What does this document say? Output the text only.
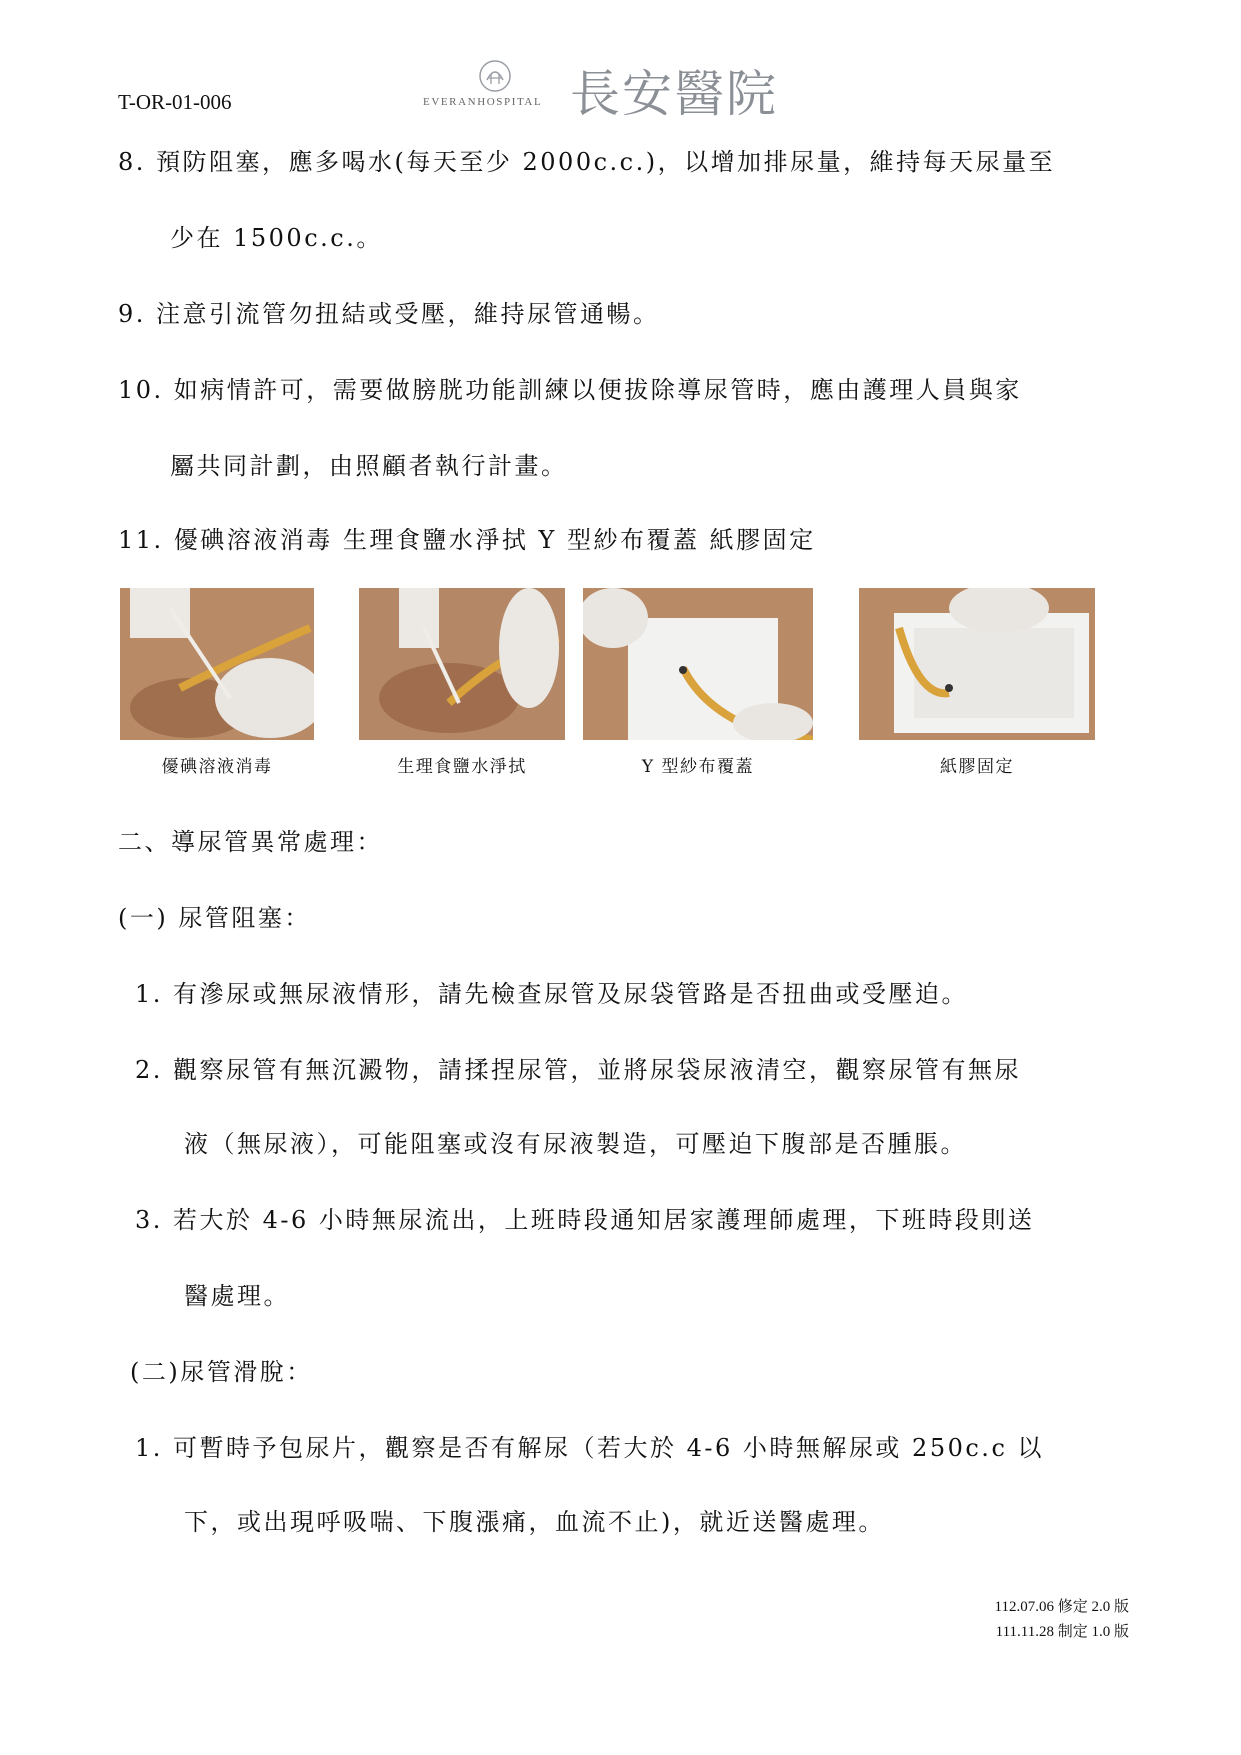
T-OR-01-006	EVERANHOSPITAL 長安醫院
8. 預防阻塞，應多喝水(每天至少 2000c.c.)，以增加排尿量，維持每天尿量至
少在 1500c.c.。
9. 注意引流管勿扭結或受壓，維持尿管通暢。
10. 如病情許可，需要做膀胱功能訓練以便拔除導尿管時，應由護理人員與家
屬共同計劃，由照顧者執行計畫。
11. 優碘溶液消毒 生理食鹽水淨拭 Y 型紗布覆蓋 紙膠固定
優碘溶液消毒	生理食鹽水淨拭	Y 型紗布覆蓋	紙膠固定
二、導尿管異常處理：
(一) 尿管阻塞：
1. 有滲尿或無尿液情形，請先檢查尿管及尿袋管路是否扭曲或受壓迫。
2. 觀察尿管有無沉澱物，請揉捏尿管，並將尿袋尿液清空，觀察尿管有無尿
液（無尿液），可能阻塞或沒有尿液製造，可壓迫下腹部是否腫脹。
3. 若大於 4-6 小時無尿流出，上班時段通知居家護理師處理，下班時段則送
醫處理。
(二)尿管滑脫：
1. 可暫時予包尿片，觀察是否有解尿（若大於 4-6 小時無解尿或 250c.c 以
下，或出現呼吸喘、下腹漲痛，血流不止)，就近送醫處理。
112.07.06 修定 2.0 版
111.11.28 制定 1.0 版
